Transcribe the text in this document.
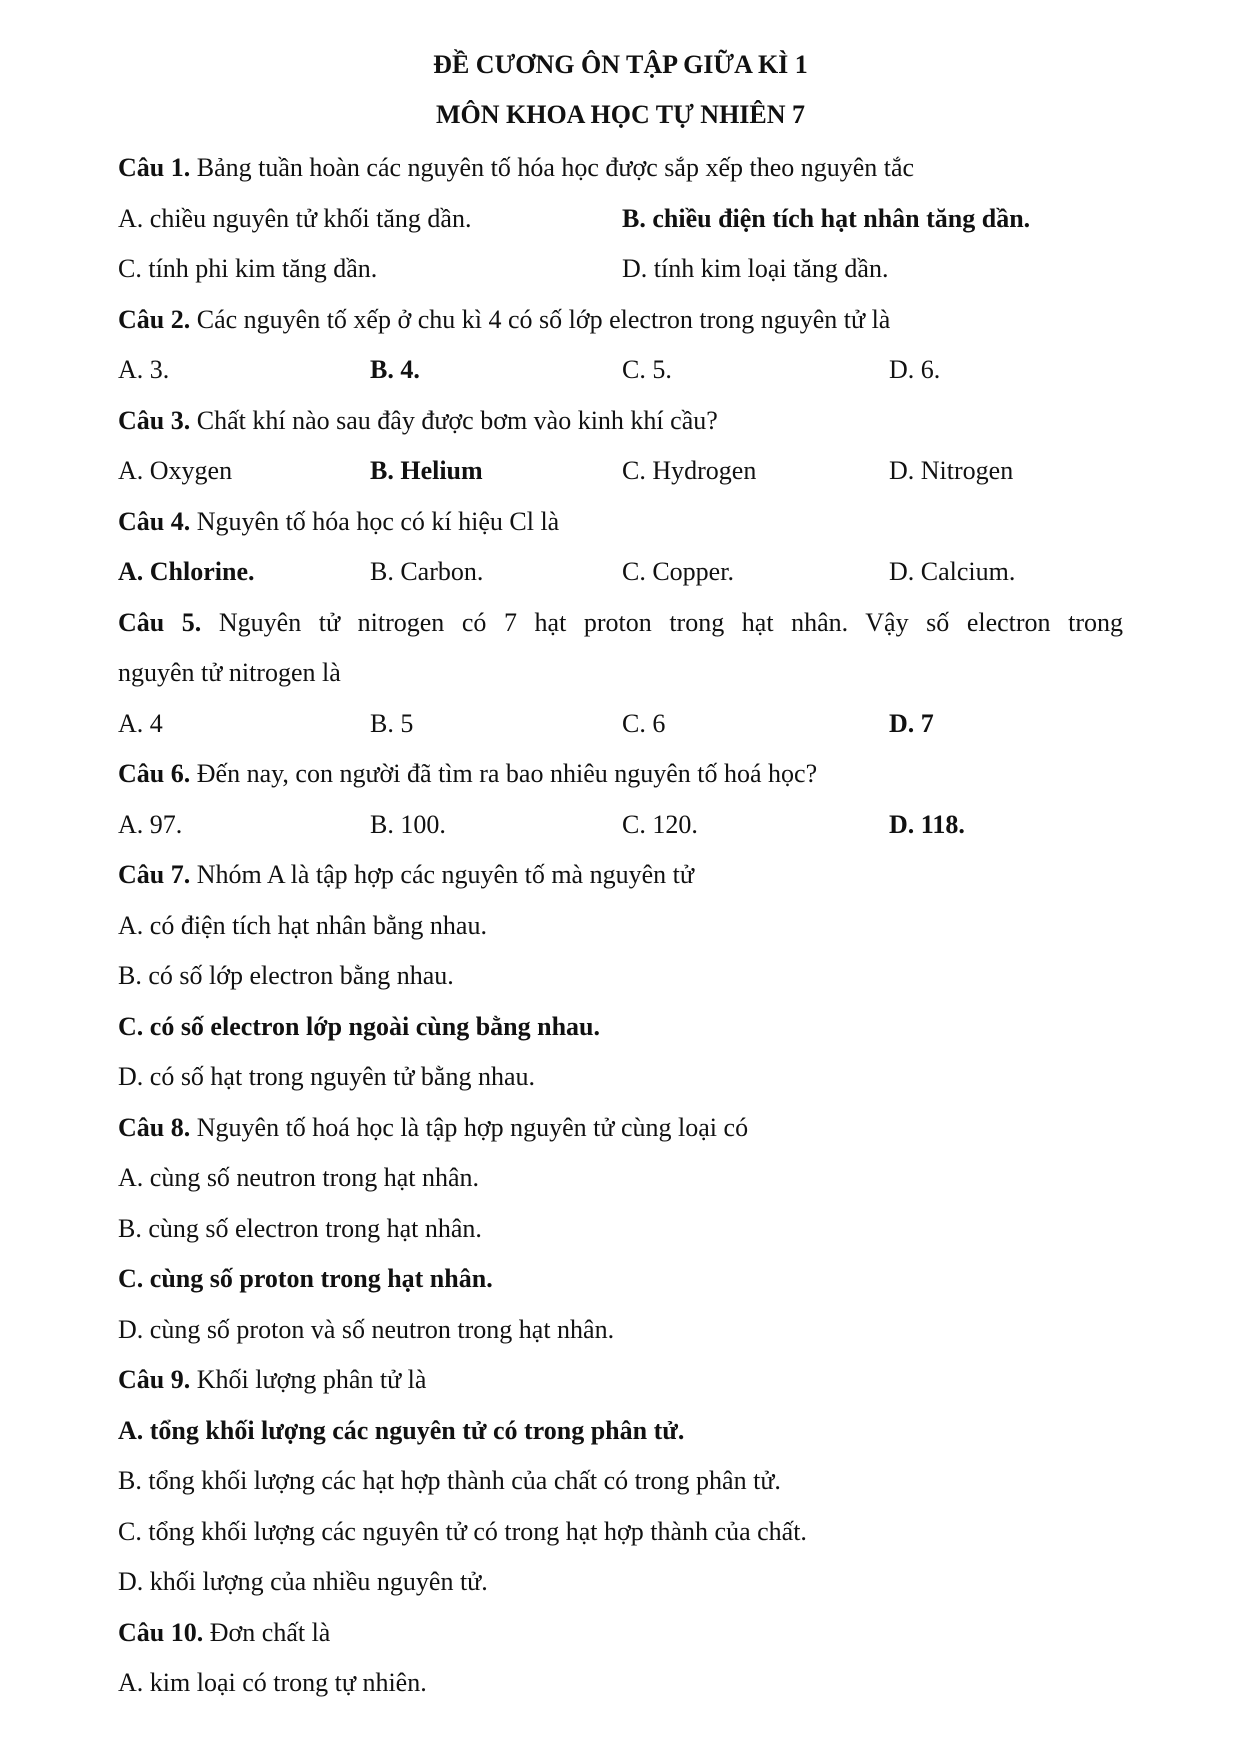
ĐỀ CƯƠNG ÔN TẬP GIỮA KÌ 1
MÔN KHOA HỌC TỰ NHIÊN 7
Câu 1. Bảng tuần hoàn các nguyên tố hóa học được sắp xếp theo nguyên tắc
A. chiều nguyên tử khối tăng dần.	B. chiều điện tích hạt nhân tăng dần.
C. tính phi kim tăng dần.	D. tính kim loại tăng dần.
Câu 2. Các nguyên tố xếp ở chu kì 4 có số lớp electron trong nguyên tử là
A. 3.	B. 4.	C. 5.	D. 6.
Câu 3. Chất khí nào sau đây được bơm vào kinh khí cầu?
A. Oxygen	B. Helium	C. Hydrogen	D. Nitrogen
Câu 4. Nguyên tố hóa học có kí hiệu Cl là
A. Chlorine.	B. Carbon.	C. Copper.	D. Calcium.
Câu 5. Nguyên tử nitrogen có 7 hạt proton trong hạt nhân. Vậy số electron trong
nguyên tử nitrogen là
A. 4	B. 5	C. 6	D. 7
Câu 6. Đến nay, con người đã tìm ra bao nhiêu nguyên tố hoá học?
A. 97.	B. 100.	C. 120.	D. 118.
Câu 7. Nhóm A là tập hợp các nguyên tố mà nguyên tử
A. có điện tích hạt nhân bằng nhau.
B. có số lớp electron bằng nhau.
C. có số electron lớp ngoài cùng bằng nhau.
D. có số hạt trong nguyên tử bằng nhau.
Câu 8. Nguyên tố hoá học là tập hợp nguyên tử cùng loại có
A. cùng số neutron trong hạt nhân.
B. cùng số electron trong hạt nhân.
C. cùng số proton trong hạt nhân.
D. cùng số proton và số neutron trong hạt nhân.
Câu 9. Khối lượng phân tử là
A. tổng khối lượng các nguyên tử có trong phân tử.
B. tổng khối lượng các hạt hợp thành của chất có trong phân tử.
C. tổng khối lượng các nguyên tử có trong hạt hợp thành của chất.
D. khối lượng của nhiều nguyên tử.
Câu 10. Đơn chất là
A. kim loại có trong tự nhiên.
